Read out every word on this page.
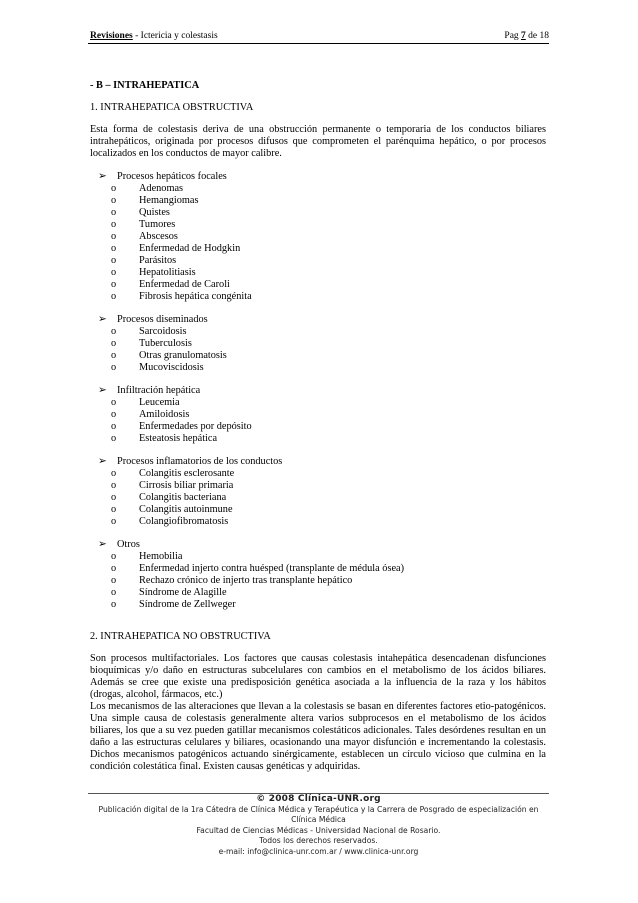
Revisiones - Ictericia y colestasis	Pag 7 de 18
- B – INTRAHEPATICA
1. INTRAHEPATICA OBSTRUCTIVA
Esta forma de colestasis deriva de una obstrucción permanente o temporaria de los conductos biliares intrahepáticos, originada por procesos difusos que comprometen el parénquima hepático, o por procesos localizados en los conductos de mayor calibre.
➢ Procesos hepáticos focales
o Adenomas
o Hemangiomas
o Quistes
o Tumores
o Abscesos
o Enfermedad de Hodgkin
o Parásitos
o Hepatolitiasis
o Enfermedad de Caroli
o Fibrosis hepática congénita
➢ Procesos diseminados
o Sarcoidosis
o Tuberculosis
o Otras granulomatosis
o Mucoviscidosis
➢ Infiltración hepática
o Leucemia
o Amiloidosis
o Enfermedades por depósito
o Esteatosis hepática
➢ Procesos inflamatorios de los conductos
o Colangitis esclerosante
o Cirrosis biliar primaria
o Colangitis bacteriana
o Colangitis autoinmune
o Colangiofibromatosis
➢ Otros
o Hemobilia
o Enfermedad injerto contra huésped (transplante de médula ósea)
o Rechazo crónico de injerto tras transplante hepático
o Síndrome de Alagille
o Síndrome de Zellweger
2. INTRAHEPATICA NO OBSTRUCTIVA
Son procesos multifactoriales. Los factores que causas colestasis intahepática desencadenan disfunciones bioquímicas y/o daño en estructuras subcelulares con cambios en el metabolismo de los ácidos biliares. Además se cree que existe una predisposición genética asociada a la influencia de la raza y los hábitos (drogas, alcohol, fármacos, etc.)
Los mecanismos de las alteraciones que llevan a la colestasis se basan en diferentes factores etio-patogénicos. Una simple causa de colestasis generalmente altera varios subprocesos en el metabolismo de los ácidos biliares, los que a su vez pueden gatillar mecanismos colestáticos adicionales. Tales desórdenes resultan en un daño a las estructuras celulares y biliares, ocasionando una mayor disfunción e incrementando la colestasis. Dichos mecanismos patogénicos actuando sinérgicamente, establecen un círculo vicioso que culmina en la condición colestática final. Existen causas genéticas y adquiridas.
© 2008 Clínica-UNR.org
Publicación digital de la 1ra Cátedra de Clínica Médica y Terapéutica y la Carrera de Posgrado de especialización en
Clínica Médica
Facultad de Ciencias Médicas - Universidad Nacional de Rosario.
Todos los derechos reservados.
e-mail: info@clinica-unr.com.ar / www.clinica-unr.org
